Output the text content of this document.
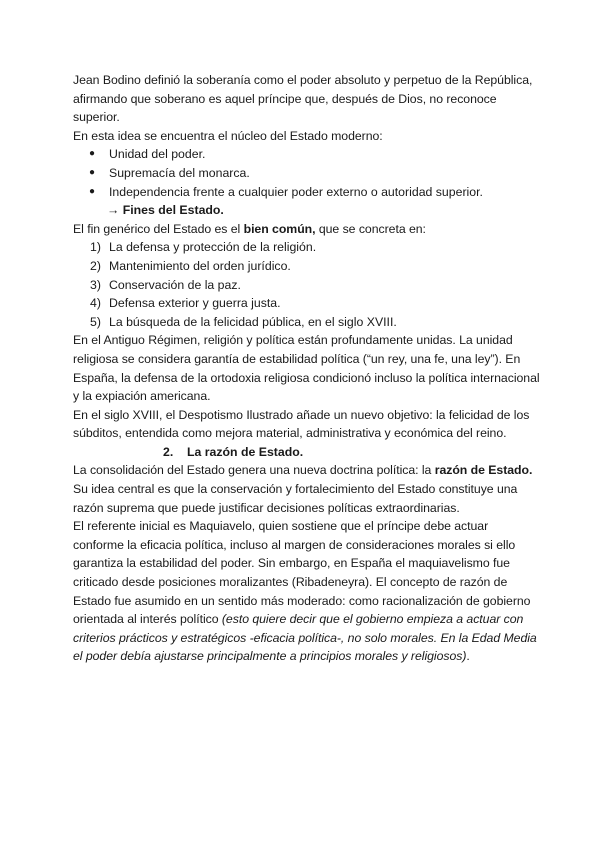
Jean Bodino definió la soberanía como el poder absoluto y perpetuo de la República, afirmando que soberano es aquel príncipe que, después de Dios, no reconoce superior.

En esta idea se encuentra el núcleo del Estado moderno:

● Unidad del poder.
● Supremacía del monarca.
● Independencia frente a cualquier poder externo o autoridad superior.
→ Fines del Estado.

El fin genérico del Estado es el bien común, que se concreta en:

1) La defensa y protección de la religión.
2) Mantenimiento del orden jurídico.
3) Conservación de la paz.
4) Defensa exterior y guerra justa.
5) La búsqueda de la felicidad pública, en el siglo XVIII.

En el Antiguo Régimen, religión y política están profundamente unidas. La unidad religiosa se considera garantía de estabilidad política (“un rey, una fe, una ley”). En España, la defensa de la ortodoxia religiosa condicionó incluso la política internacional y la expiación americana.

En el siglo XVIII, el Despotismo Ilustrado añade un nuevo objetivo: la felicidad de los súbditos, entendida como mejora material, administrativa y económica del reino.

2. La razón de Estado.

La consolidación del Estado genera una nueva doctrina política: la razón de Estado.

Su idea central es que la conservación y fortalecimiento del Estado constituye una razón suprema que puede justificar decisiones políticas extraordinarias.

El referente inicial es Maquiavelo, quien sostiene que el príncipe debe actuar conforme la eficacia política, incluso al margen de consideraciones morales si ello garantiza la estabilidad del poder. Sin embargo, en España el maquiavelismo fue criticado desde posiciones moralizantes (Ribadeneyra). El concepto de razón de Estado fue asumido en un sentido más moderado: como racionalización de gobierno orientada al interés político (esto quiere decir que el gobierno empieza a actuar con criterios prácticos y estratégicos -eficacia política-, no solo morales. En la Edad Media el poder debía ajustarse principalmente a principios morales y religiosos).
